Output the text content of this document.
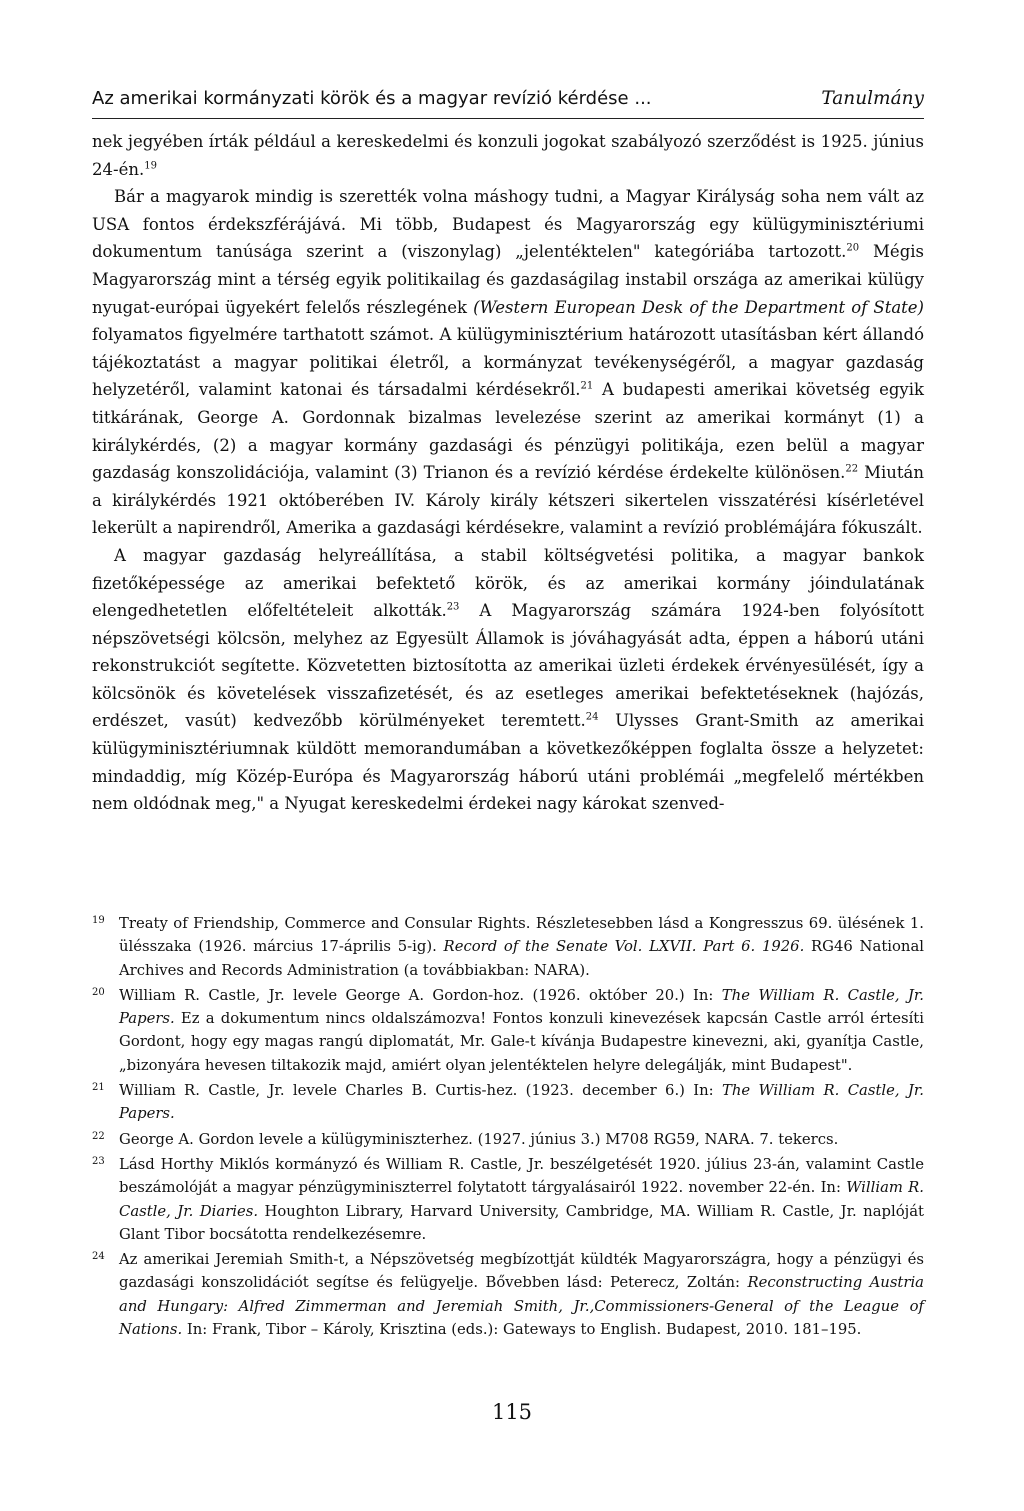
Az amerikai kormányzati körök és a magyar revízió kérdése ...	Tanulmány

nek jegyében írták például a kereskedelmi és konzuli jogokat szabályozó szerződést is 1925. június 24-én.$^{19}$

Bár a magyarok mindig is szerették volna máshogy tudni, a Magyar Királyság soha nem vált az USA fontos érdekszférájává. Mi több, Budapest és Magyarország egy külügyminisztériumi dokumentum tanúsága szerint a (viszonylag) „jelentéktelen" kategóriába tartozott.$^{20}$ Mégis Magyarország mint a térség egyik politikailag és gazdaságilag instabil országa az amerikai külügy nyugat-európai ügyekért felelős részlegének (Western European Desk of the Department of State) folyamatos figyelmére tarthatott számot. A külügyminisztérium határozott utasításban kért állandó tájékoztatást a magyar politikai életről, a kormányzat tevékenységéről, a magyar gazdaság helyzetéről, valamint katonai és társadalmi kérdésekről.$^{21}$ A budapesti amerikai követség egyik titkárának, George A. Gordonnak bizalmas levelezése szerint az amerikai kormányt (1) a királykérdés, (2) a magyar kormány gazdasági és pénzügyi politikája, ezen belül a magyar gazdaság konszolidációja, valamint (3) Trianon és a revízió kérdése érdekelte különösen.$^{22}$ Miután a királykérdés 1921 októberében IV. Károly király kétszeri sikertelen visszatérési kísérletével lekerült a napirendről, Amerika a gazdasági kérdésekre, valamint a revízió problémájára fókuszált.

A magyar gazdaság helyreállítása, a stabil költségvetési politika, a magyar bankok fizetőképessége az amerikai befektető körök, és az amerikai kormány jóindulatának elengedhetetlen előfeltételeit alkották.$^{23}$ A Magyarország számára 1924-ben folyósított népszövetségi kölcsön, melyhez az Egyesült Államok is jóváhagyását adta, éppen a háború utáni rekonstrukciót segítette. Közvetetten biztosította az amerikai üzleti érdekek érvényesülését, így a kölcsönök és követelések visszafizetését, és az esetleges amerikai befektetéseknek (hajózás, erdészet, vasút) kedvezőbb körülményeket teremtett.$^{24}$ Ulysses Grant-Smith az amerikai külügyminisztériumnak küldött memorandumában a következőképpen foglalta össze a helyzetet: mindaddig, míg Közép-Európa és Magyarország háború utáni problémái „megfelelő mértékben nem oldódnak meg," a Nyugat kereskedelmi érdekei nagy károkat szenved-

19 Treaty of Friendship, Commerce and Consular Rights. Részletesebben lásd a Kongresszus 69. ülésének 1. ülésszaka (1926. március 17-április 5-ig). Record of the Senate Vol. LXVII. Part 6. 1926. RG46 National Archives and Records Administration (a továbbiakban: NARA).
20 William R. Castle, Jr. levele George A. Gordon-hoz. (1926. október 20.) In: The William R. Castle, Jr. Papers. Ez a dokumentum nincs oldalszámozva! Fontos konzuli kinevezések kapcsán Castle arról értesíti Gordont, hogy egy magas rangú diplomatát, Mr. Gale-t kívánja Budapestre kinevezni, aki, gyanítja Castle, „bizonyára hevesen tiltakozik majd, amiért olyan jelentéktelen helyre delegálják, mint Budapest".
21 William R. Castle, Jr. levele Charles B. Curtis-hez. (1923. december 6.) In: The William R. Castle, Jr. Papers.
22 George A. Gordon levele a külügyminiszterhez. (1927. június 3.) M708 RG59, NARA. 7. tekercs.
23 Lásd Horthy Miklós kormányzó és William R. Castle, Jr. beszélgetését 1920. július 23-án, valamint Castle beszámolóját a magyar pénzügyminiszterrel folytatott tárgyalásairól 1922. november 22-én. In: William R. Castle, Jr. Diaries. Houghton Library, Harvard University, Cambridge, MA. William R. Castle, Jr. naplóját Glant Tibor bocsátotta rendelkezésemre.
24 Az amerikai Jeremiah Smith-t, a Népszövetség megbízottját küldték Magyarországra, hogy a pénzügyi és gazdasági konszolidációt segítse és felügyelje. Bővebben lásd: Peterecz, Zoltán: Reconstructing Austria and Hungary: Alfred Zimmerman and Jeremiah Smith, Jr.,Commissioners-General of the League of Nations. In: Frank, Tibor – Károly, Krisztina (eds.): Gateways to English. Budapest, 2010. 181–195.
115
